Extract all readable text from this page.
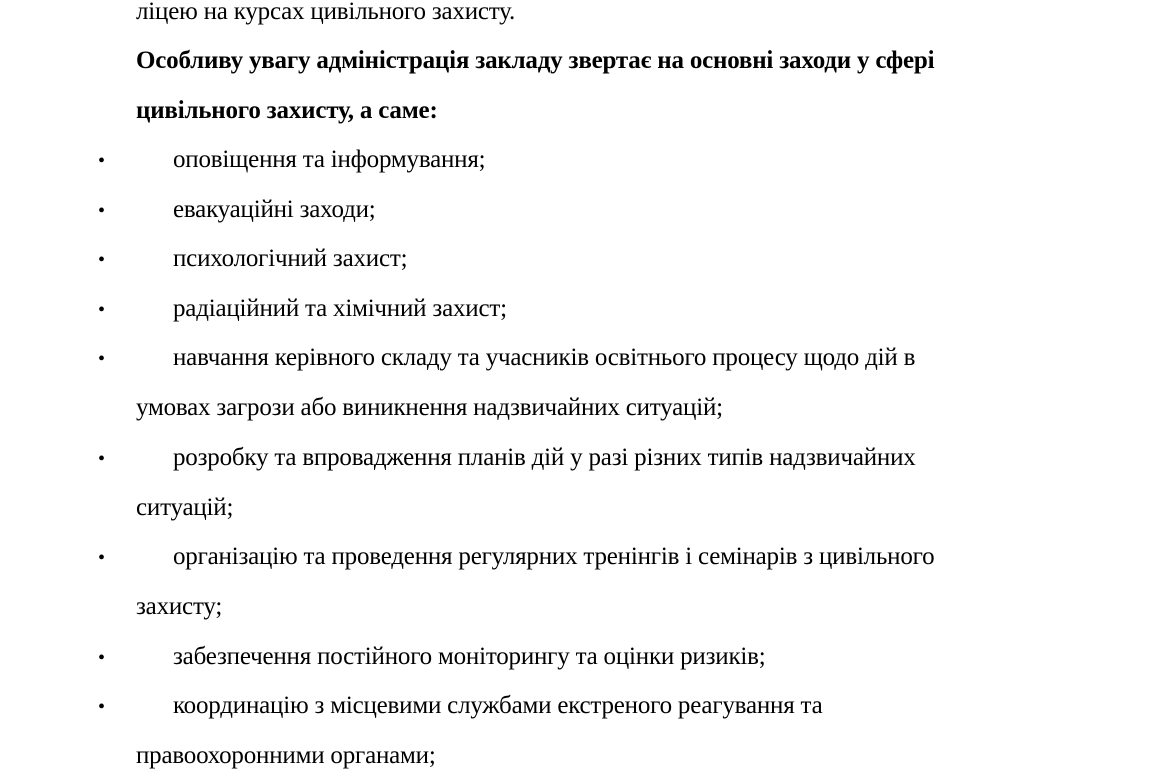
ліцею на курсах цивільного захисту.
Особливу увагу адміністрація закладу звертає на основні заходи у сфері
цивільного захисту, а саме:
•	оповіщення та інформування;
•	евакуаційні заходи;
•	психологічний захист;
•	радіаційний та хімічний захист;
•	навчання керівного складу та учасників освітнього процесу щодо дій в
умовах загрози або виникнення надзвичайних ситуацій;
•	розробку та впровадження планів дій у разі різних типів надзвичайних
ситуацій;
•	організацію та проведення регулярних тренінгів і семінарів з цивільного
захисту;
•	забезпечення постійного моніторингу та оцінки ризиків;
•	координацію з місцевими службами екстреного реагування та
правоохоронними органами;
